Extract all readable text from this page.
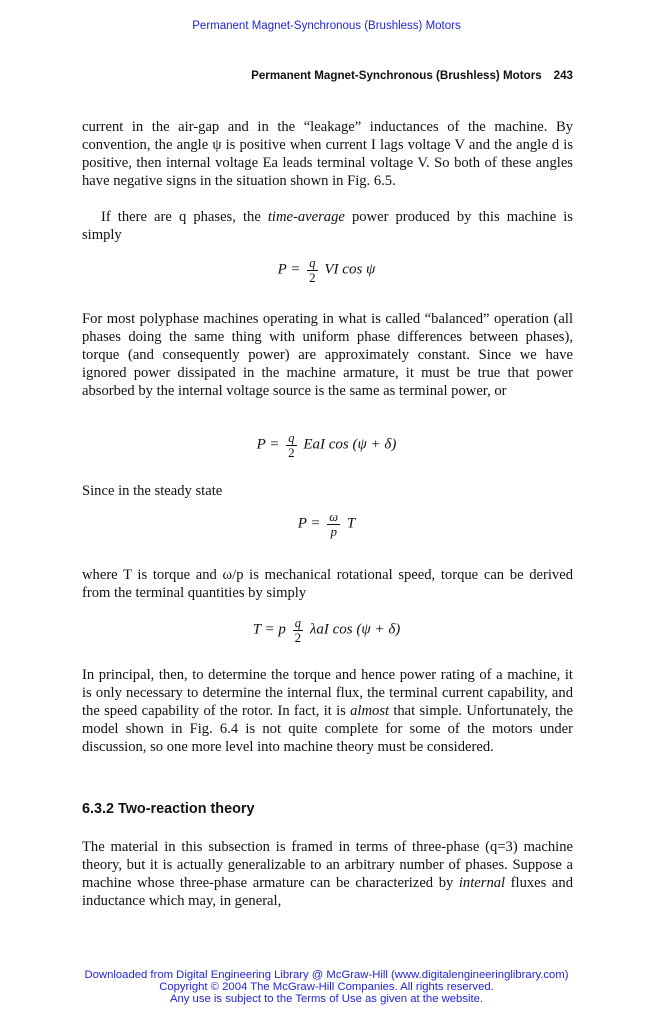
Permanent Magnet-Synchronous (Brushless) Motors
Permanent Magnet-Synchronous (Brushless) Motors 243

current in the air-gap and in the “leakage” inductances of the machine. By convention, the angle ψ is positive when current I lags voltage V and the angle d is positive, then internal voltage Ea leads terminal voltage V. So both of these angles have negative signs in the situation shown in Fig. 6.5.

If there are q phases, the time-average power produced by this machine is simply

$P = \frac{q}{2}$ VI cos ψ

For most polyphase machines operating in what is called “balanced” operation (all phases doing the same thing with uniform phase differences between phases), torque (and consequently power) are approximately constant. Since we have ignored power dissipated in the machine armature, it must be true that power absorbed by the internal voltage source is the same as terminal power, or

$P = \frac{q}{2}$ EaI cos (ψ + δ)

Since in the steady state

$P = \frac{\omega}{p}$ T

where T is torque and ω/p is mechanical rotational speed, torque can be derived from the terminal quantities by simply

T = p $\frac{q}{2}$ λaI cos (ψ + δ)

In principal, then, to determine the torque and hence power rating of a machine, it is only necessary to determine the internal flux, the terminal current capability, and the speed capability of the rotor. In fact, it is almost that simple. Unfortunately, the model shown in Fig. 6.4 is not quite complete for some of the motors under discussion, so one more level into machine theory must be considered.

6.3.2 Two-reaction theory

The material in this subsection is framed in terms of three-phase (q=3) machine theory, but it is actually generalizable to an arbitrary number of phases. Suppose a machine whose three-phase armature can be characterized by internal fluxes and inductance which may, in general,

Downloaded from Digital Engineering Library @ McGraw-Hill (www.digitalengineeringlibrary.com)
Copyright © 2004 The McGraw-Hill Companies. All rights reserved.
Any use is subject to the Terms of Use as given at the website.
